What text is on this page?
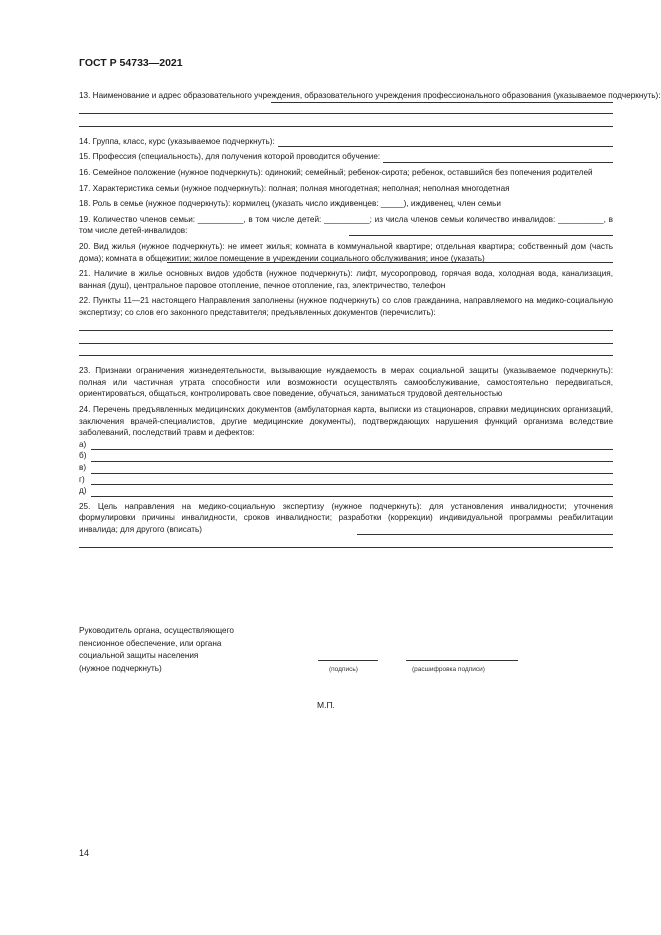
ГОСТ Р 54733—2021

13. Наименование и адрес образовательного учреждения, образовательного учреждения профессионального образования (указываемое подчеркнуть):

14. Группа, класс, курс (указываемое подчеркнуть):
15. Профессия (специальность), для получения которой проводится обучение:

16. Семейное положение (нужное подчеркнуть): одинокий; семейный; ребенок-сирота; ребенок, оставшийся без попечения родителей

17. Характеристика семьи (нужное подчеркнуть): полная; полная многодетная; неполная; неполная многодетная

18. Роль в семье (нужное подчеркнуть): кормилец (указать число иждивенцев: _____), иждивенец, член семьи

19. Количество членов семьи: __________, в том числе детей: __________; из числа членов семьи количество инвалидов: __________, в том числе детей-инвалидов:

20. Вид жилья (нужное подчеркнуть): не имеет жилья; комната в коммунальной квартире; отдельная квартира; собственный дом (часть дома); комната в общежитии; жилое помещение в учреждении социального обслуживания; иное (указать)

21. Наличие в жилье основных видов удобств (нужное подчеркнуть): лифт, мусоропровод, горячая вода, холодная вода, канализация, ванная (душ), центральное паровое отопление, печное отопление, газ, электричество, телефон

22. Пункты 11—21 настоящего Направления заполнены (нужное подчеркнуть) со слов гражданина, направляемого на медико-социальную экспертизу; со слов его законного представителя; предъявленных документов (перечислить):

23. Признаки ограничения жизнедеятельности, вызывающие нуждаемость в мерах социальной защиты (указываемое подчеркнуть): полная или частичная утрата способности или возможности осуществлять самообслуживание, самостоятельно передвигаться, ориентироваться, общаться, контролировать свое поведение, обучаться, заниматься трудовой деятельностью

24. Перечень предъявленных медицинских документов (амбулаторная карта, выписки из стационаров, справки медицинских организаций, заключения врачей-специалистов, другие медицинские документы), подтверждающих нарушения функций организма вследствие заболеваний, последствий травм и дефектов:

а)
б)
в)
г)
д)

25. Цель направления на медико-социальную экспертизу (нужное подчеркнуть): для установления инвалидности; уточнения формулировки причины инвалидности, сроков инвалидности; разработки (коррекции) индивидуальной программы реабилитации инвалида; для другого (вписать)

Руководитель органа, осуществляющего
пенсионное обеспечение, или органа
социальной защиты населения
(нужное подчеркнуть)	(подпись)	(расшифровка подписи)
М.П.
14
